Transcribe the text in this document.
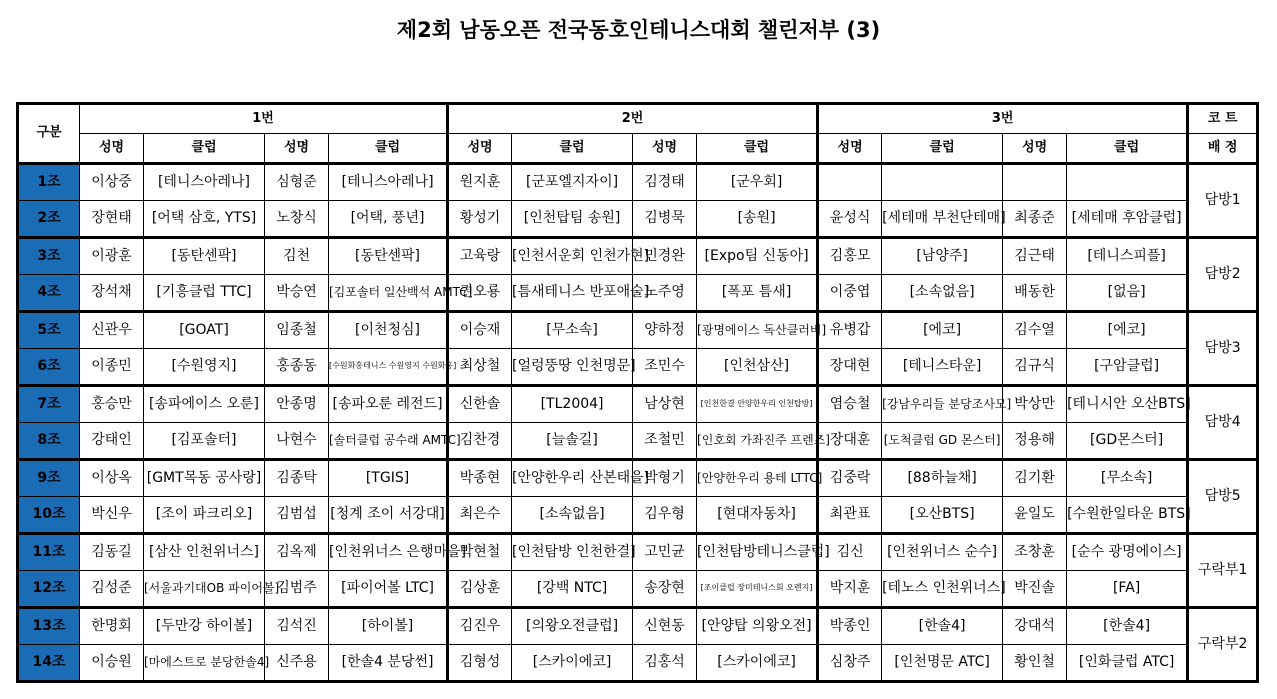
제2회 남동오픈 전국동호인테니스대회 챌린저부 (3)
구분	1번				2번				3번				코 트
	성명	클럽	성명	클럽	성명	클럽	성명	클럽	성명	클럽	성명	클럽	배 정
1조	이상중	[테니스아레나]	심형준	[테니스아레나]	원지훈	[군포엘지자이]	김경태	[군우회]					담방1
2조	장현태	[어택 삼호, YTS]	노창식	[어택, 풍년]	황성기	[인천탑팀 송원]	김병묵	[송원]	윤성식	[세테매 부천단테매]	최종준	[세테매 후암클럽]	
3조	이광훈	[동탄센팍]	김천	[동탄센팍]	고육랑	[인천서운회 인천가현]	민경완	[Expo팀 신동아]	김홍모	[남양주]	김근태	[테니스피플]	담방2
4조	장석채	[기흥클럽 TTC]	박승연	[김포솔터 일산백석 AMTC]	권오룡	[틈새테니스 반포애술]	노주영	[폭포 틈새]	이중엽	[소속없음]	배동한	[없음]	
5조	신관우	[GOAT]	임종철	[이천청심]	이승재	[무소속]	양하정	[광명에이스 독산클러버]	유병갑	[에코]	김수열	[에코]	담방3
6조	이종민	[수원영지]	홍종동	[수원화홍테니스 수원영지 수원화홍]	최상철	[얼렁뚱땅 인천명문]	조민수	[인천삼산]	장대현	[테니스타운]	김규식	[구암클럽]	
7조	홍승만	[송파에이스 오룬]	안종명	[송파오룬 레전드]	신한솔	[TL2004]	남상현	[인천한결 안양한우리 인천탑방]	염승철	[강남우리들 분당조사모]	박상만	[테니시안 오산BTS]	담방4
8조	강태인	[김포솔터]	나현수	[솔터클럽 공수래 AMTC]	김찬경	[늘솔길]	조철민	[인호회 가좌진주 프렌즈]	장대훈	[도척클럽 GD 몬스터]	정용해	[GD몬스터]	
9조	이상옥	[GMT목동 공사랑]	김종탁	[TGIS]	박종현	[안양한우리 산본태을]	박형기	[안양한우리 용테 LTTC]	김중락	[88하늘채]	김기환	[무소속]	담방5
10조	박신우	[조이 파크리오]	김범섭	[청계 조이 서강대]	최은수	[소속없음]	김우형	[현대자동차]	최관표	[오산BTS]	윤일도	[수원한일타운 BTS]	
11조	김동길	[삼산 인천위너스]	김옥제	[인천위너스 은행마을]	박현철	[인천탐방 인천한결]	고민균	[인천탐방테니스클럽]	김신	[인천위너스 순수]	조창훈	[순수 광명에이스]	구락부1
12조	김성준	[서울과기대OB 파이어볼]	김범주	[파이어볼 LTC]	김상훈	[강백 NTC]	송장현	[조이클럽 장미테니스회 오렌지]	박지훈	[테노스 인천위너스]	박진솔	[FA]	
13조	한명회	[두만강 하이볼]	김석진	[하이볼]	김진우	[의왕오전클럽]	신현동	[안양탑 의왕오전]	박종인	[한솔4]	강대석	[한솔4]	구락부2
14조	이승원	[마에스트로 분당한솔4]	신주용	[한솔4 분당썬]	김형성	[스카이에코]	김홍석	[스카이에코]	심창주	[인천명문 ATC]	황인철	[인화클럽 ATC]	
